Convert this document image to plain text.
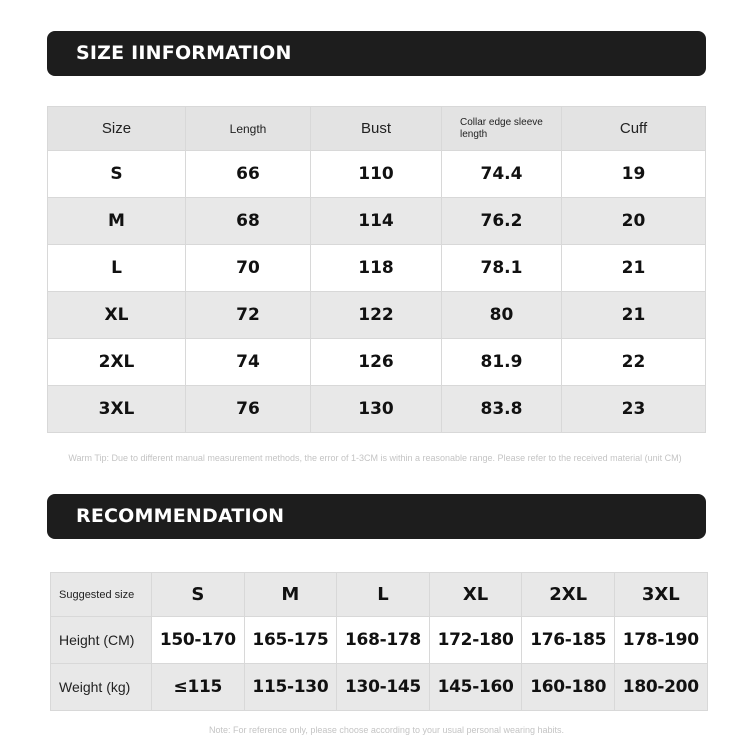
SIZE IINFORMATION
Size	Length	Bust	Collar edge sleeve length	Cuff
S	66	110	74.4	19
M	68	114	76.2	20
L	70	118	78.1	21
XL	72	122	80	21
2XL	74	126	81.9	22
3XL	76	130	83.8	23
Warm Tip: Due to different manual measurement methods, the error of 1-3CM is within a reasonable range. Please refer to the received material (unit CM)
RECOMMENDATION
Suggested size	S	M	L	XL	2XL	3XL
Height (CM)	150-170	165-175	168-178	172-180	176-185	178-190
Weight (kg)	≤115	115-130	130-145	145-160	160-180	180-200
Note: For reference only, please choose according to your usual personal wearing habits.
